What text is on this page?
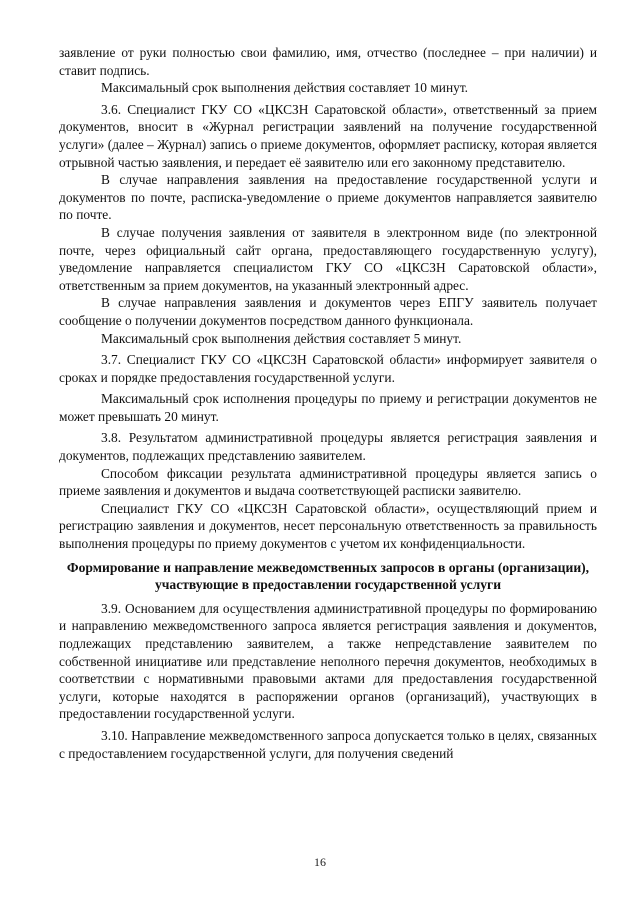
заявление от руки полностью свои фамилию, имя, отчество (последнее – при наличии) и ставит подпись.

Максимальный срок выполнения действия составляет 10 минут.

3.6. Специалист ГКУ СО «ЦКСЗН Саратовской области», ответственный за прием документов, вносит в «Журнал регистрации заявлений на получение государственной услуги» (далее – Журнал) запись о приеме документов, оформляет расписку, которая является отрывной частью заявления, и передает её заявителю или его законному представителю.

В случае направления заявления на предоставление государственной услуги и документов по почте, расписка-уведомление о приеме документов направляется заявителю по почте.

В случае получения заявления от заявителя в электронном виде (по электронной почте, через официальный сайт органа, предоставляющего государственную услугу), уведомление направляется специалистом ГКУ СО «ЦКСЗН Саратовской области», ответственным за прием документов, на указанный электронный адрес.

В случае направления заявления и документов через ЕПГУ заявитель получает сообщение о получении документов посредством данного функционала.

Максимальный срок выполнения действия составляет 5 минут.

3.7. Специалист ГКУ СО «ЦКСЗН Саратовской области» информирует заявителя о сроках и порядке предоставления государственной услуги.

Максимальный срок исполнения процедуры по приему и регистрации документов не может превышать 20 минут.

3.8. Результатом административной процедуры является регистрация заявления и документов, подлежащих представлению заявителем.

Способом фиксации результата административной процедуры является запись о приеме заявления и документов и выдача соответствующей расписки заявителю.

Специалист ГКУ СО «ЦКСЗН Саратовской области», осуществляющий прием и регистрацию заявления и документов, несет персональную ответственность за правильность выполнения процедуры по приему документов с учетом их конфиденциальности.

Формирование и направление межведомственных запросов в органы (организации), участвующие в предоставлении государственной услуги

3.9. Основанием для осуществления административной процедуры по формированию и направлению межведомственного запроса является регистрация заявления и документов, подлежащих представлению заявителем, а также непредставление заявителем по собственной инициативе или представление неполного перечня документов, необходимых в соответствии с нормативными правовыми актами для предоставления государственной услуги, которые находятся в распоряжении органов (организаций), участвующих в предоставлении государственной услуги.

3.10. Направление межведомственного запроса допускается только в целях, связанных с предоставлением государственной услуги, для получения сведений

16
